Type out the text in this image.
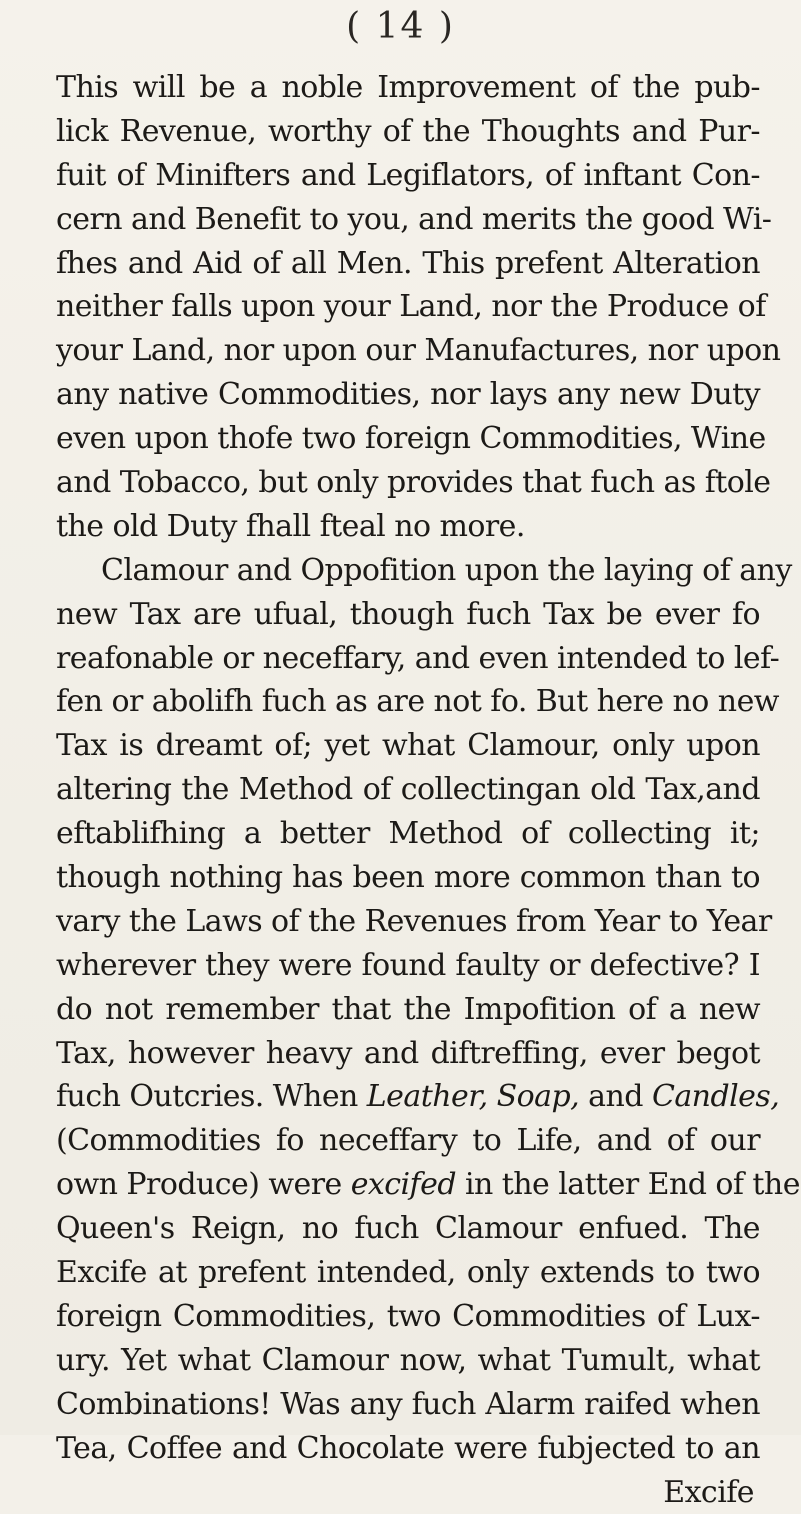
( 14 )
This will be a noble Improvement of the pub-
lick Revenue, worthy of the Thoughts and Pur-
fuit of Minifters and Legiflators, of inftant Con-
cern and Benefit to you, and merits the good Wi-
fhes and Aid of all Men. This prefent Alteration
neither falls upon your Land, nor the Produce of
your Land, nor upon our Manufactures, nor upon
any native Commodities, nor lays any new Duty
even upon thofe two foreign Commodities, Wine
and Tobacco, but only provides that fuch as ftole
the old Duty fhall fteal no more.
Clamour and Oppofition upon the laying of any
new Tax are ufual, though fuch Tax be ever fo
reafonable or neceffary, and even intended to lef-
fen or abolifh fuch as are not fo. But here no new
Tax is dreamt of; yet what Clamour, only upon
altering the Method of collectingan old Tax,and
eftablifhing a better Method of collecting it;
though nothing has been more common than to
vary the Laws of the Revenues from Year to Year
wherever they were found faulty or defective? I
do not remember that the Impofition of a new
Tax, however heavy and diftreffing, ever begot
fuch Outcries. When Leather, Soap, and Candles,
(Commodities fo neceffary to Life, and of our
own Produce) were excifed in the latter End of the
Queen's Reign, no fuch Clamour enfued. The
Excife at prefent intended, only extends to two
foreign Commodities, two Commodities of Lux-
ury. Yet what Clamour now, what Tumult, what
Combinations! Was any fuch Alarm raifed when
Tea, Coffee and Chocolate were fubjected to an
Excife
